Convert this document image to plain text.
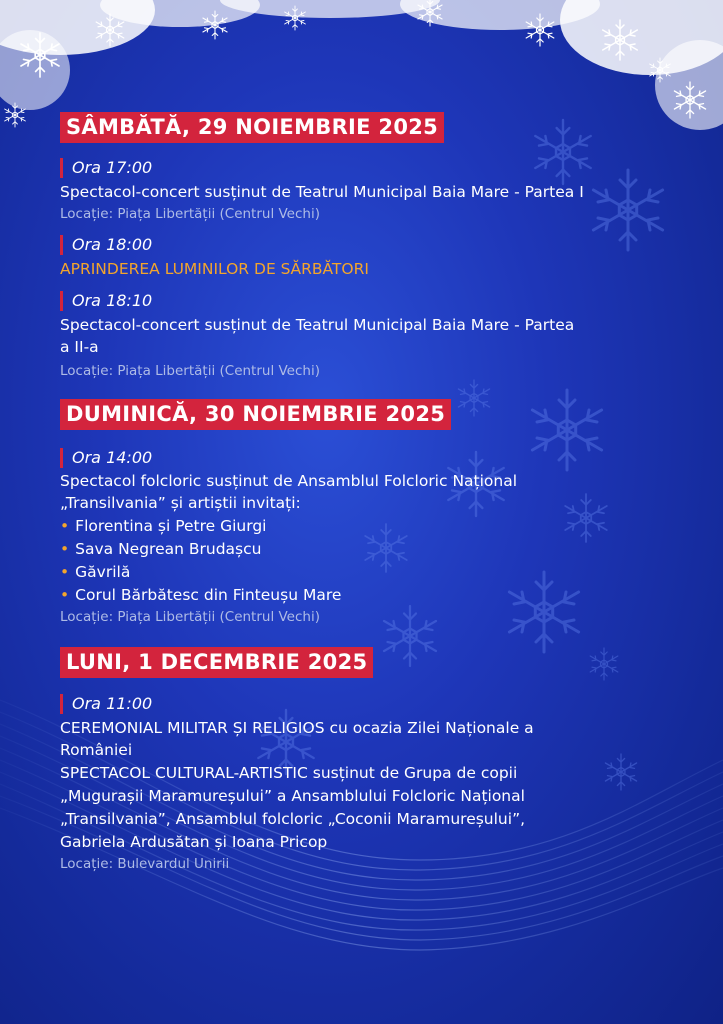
SÂMBĂTĂ, 29 NOIEMBRIE 2025
Ora 17:00
Spectacol-concert susținut de Teatrul Municipal Baia Mare - Partea I
Locație: Piața Libertății (Centrul Vechi)
Ora 18:00
APRINDEREA LUMINILOR DE SĂRBĂTORI
Ora 18:10
Spectacol-concert susținut de Teatrul Municipal Baia Mare - Partea
a II-a
Locație: Piața Libertății (Centrul Vechi)
DUMINICĂ, 30 NOIEMBRIE 2025
Ora 14:00
Spectacol folcloric susținut de Ansamblul Folcloric Național
„Transilvania” și artiștii invitați:
• Florentina și Petre Giurgi
• Sava Negrean Brudașcu
• Găvrilă
• Corul Bărbătesc din Finteușu Mare
Locație: Piața Libertății (Centrul Vechi)
LUNI, 1 DECEMBRIE 2025
Ora 11:00
CEREMONIAL MILITAR ȘI RELIGIOS cu ocazia Zilei Naționale a
României
SPECTACOL CULTURAL-ARTISTIC susținut de Grupa de copii
„Mugurașii Maramureșului” a Ansamblului Folcloric Național
„Transilvania”, Ansamblul folcloric „Coconii Maramureșului”,
Gabriela Ardusătan și Ioana Pricop
Locație: Bulevardul Unirii
